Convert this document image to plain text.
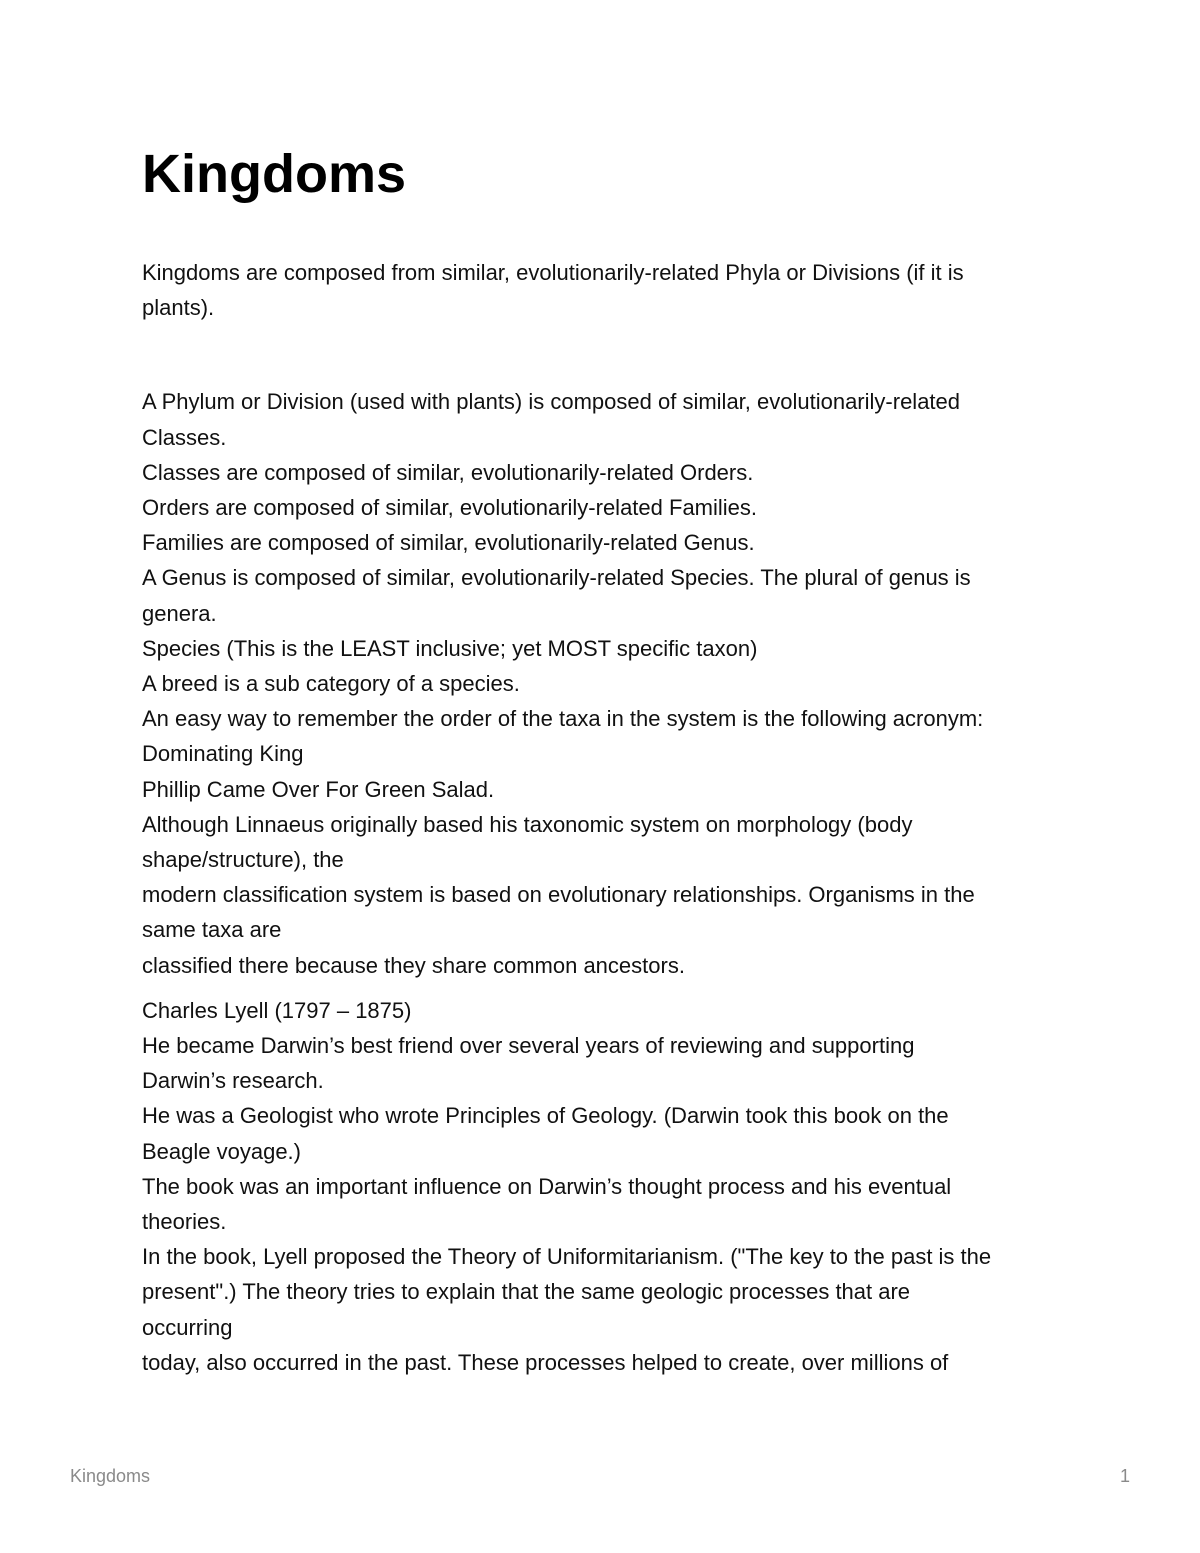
Kingdoms
Kingdoms are composed from similar, evolutionarily-related Phyla or Divisions (if it is
plants).
A Phylum or Division (used with plants) is composed of similar, evolutionarily-related
Classes.
Classes are composed of similar, evolutionarily-related Orders.
Orders are composed of similar, evolutionarily-related Families.
Families are composed of similar, evolutionarily-related Genus.
A Genus is composed of similar, evolutionarily-related Species. The plural of genus is
genera.
Species (This is the LEAST inclusive; yet MOST specific taxon)
A breed is a sub category of a species.
An easy way to remember the order of the taxa in the system is the following acronym:
Dominating King
Phillip Came Over For Green Salad.
Although Linnaeus originally based his taxonomic system on morphology (body
shape/structure), the
modern classification system is based on evolutionary relationships. Organisms in the
same taxa are
classified there because they share common ancestors.
Charles Lyell (1797 – 1875)
He became Darwin’s best friend over several years of reviewing and supporting
Darwin’s research.
He was a Geologist who wrote Principles of Geology. (Darwin took this book on the
Beagle voyage.)
The book was an important influence on Darwin’s thought process and his eventual
theories.
In the book, Lyell proposed the Theory of Uniformitarianism. ("The key to the past is the
present".) The theory tries to explain that the same geologic processes that are
occurring
today, also occurred in the past. These processes helped to create, over millions of
Kingdoms	1
